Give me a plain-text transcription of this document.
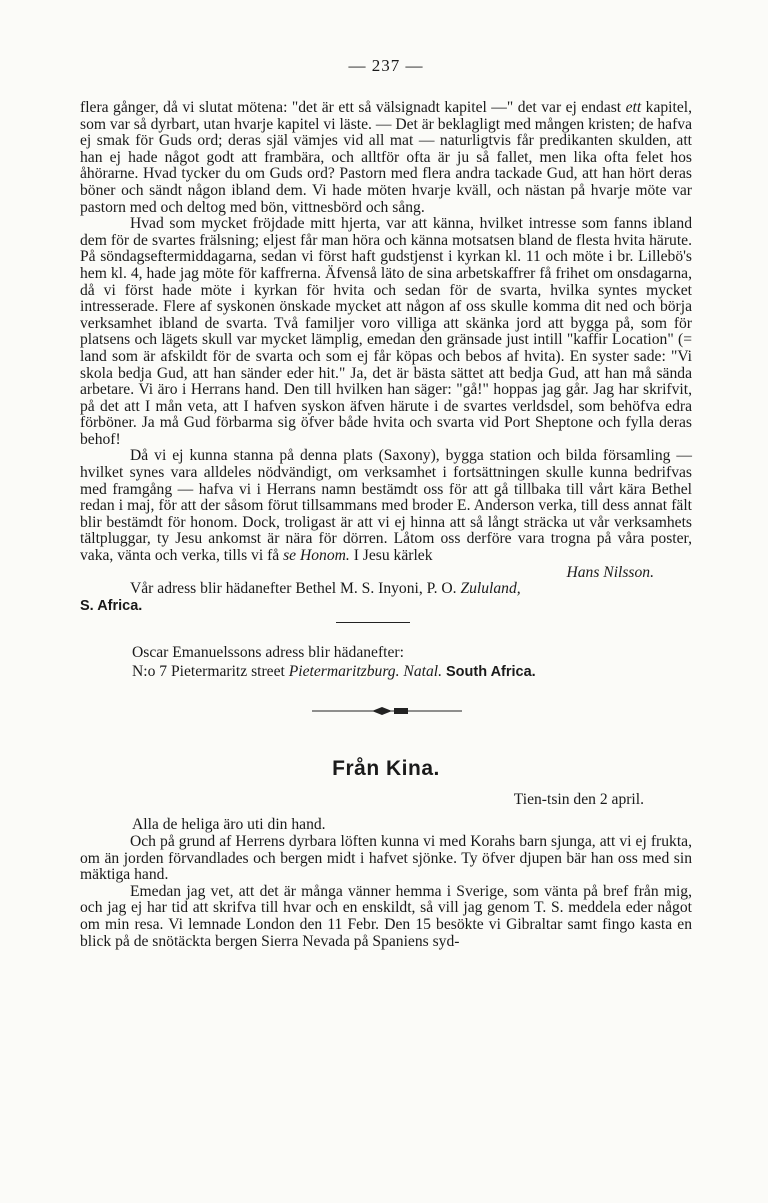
— 237 —

flera gånger, då vi slutat mötena: "det är ett så välsignadt kapitel —" det var ej endast ett kapitel, som var så dyrbart, utan hvarje kapitel vi läste. — Det är beklagligt med mången kristen; de hafva ej smak för Guds ord; deras själ vämjes vid all mat — naturligtvis får predikanten skulden, att han ej hade något godt att frambära, och alltför ofta är ju så fallet, men lika ofta felet hos åhörarne. Hvad tycker du om Guds ord? Pastorn med flera andra tackade Gud, att han hört deras böner och sändt någon ibland dem. Vi hade möten hvarje kväll, och nästan på hvarje möte var pastorn med och deltog med bön, vittnesbörd och sång.

Hvad som mycket fröjdade mitt hjerta, var att känna, hvilket intresse som fanns ibland dem för de svartes frälsning; eljest får man höra och känna motsatsen bland de flesta hvita härute. På söndagseftermiddagarna, sedan vi först haft gudstjenst i kyrkan kl. 11 och möte i br. Lillebö's hem kl. 4, hade jag möte för kaffrerna. Äfvenså läto de sina arbetskaffrer få frihet om onsdagarna, då vi först hade möte i kyrkan för hvita och sedan för de svarta, hvilka syntes mycket intresserade. Flere af syskonen önskade mycket att någon af oss skulle komma dit ned och börja verksamhet ibland de svarta. Två familjer voro villiga att skänka jord att bygga på, som för platsens och lägets skull var mycket lämplig, emedan den gränsade just intill "kaffir Location" (= land som är afskildt för de svarta och som ej får köpas och bebos af hvita). En syster sade: "Vi skola bedja Gud, att han sänder eder hit." Ja, det är bästa sättet att bedja Gud, att han må sända arbetare. Vi äro i Herrans hand. Den till hvilken han säger: "gå!" hoppas jag går. Jag har skrifvit, på det att I mån veta, att I hafven syskon äfven härute i de svartes verldsdel, som behöfva edra förböner. Ja må Gud förbarma sig öfver både hvita och svarta vid Port Sheptone och fylla deras behof!

Då vi ej kunna stanna på denna plats (Saxony), bygga station och bilda församling — hvilket synes vara alldeles nödvändigt, om verksamhet i fortsättningen skulle kunna bedrifvas med framgång — hafva vi i Herrans namn bestämdt oss för att gå tillbaka till vårt kära Bethel redan i maj, för att der såsom förut tillsammans med broder E. Anderson verka, till dess annat fält blir bestämdt för honom. Dock, troligast är att vi ej hinna att så långt sträcka ut vår verksamhets tältpluggar, ty Jesu ankomst är nära för dörren. Låtom oss derföre vara trogna på våra poster, vaka, vänta och verka, tills vi få se Honom. I Jesu kärlek

Hans Nilsson.

Vår adress blir hädanefter Bethel M. S. Inyoni, P. O. Zululand,

S. Africa.

Oscar Emanuelssons adress blir hädanefter:
N:o 7 Pietermaritz street Pietermaritzburg. Natal. South Africa.
Från Kina.
Tien-tsin den 2 april.
Alla de heliga äro uti din hand.

Och på grund af Herrens dyrbara löften kunna vi med Korahs barn sjunga, att vi ej frukta, om än jorden förvandlades och bergen midt i hafvet sjönke. Ty öfver djupen bär han oss med sin mäktiga hand.

Emedan jag vet, att det är många vänner hemma i Sverige, som vänta på bref från mig, och jag ej har tid att skrifva till hvar och en enskildt, så vill jag genom T. S. meddela eder något om min resa. Vi lemnade London den 11 Febr. Den 15 besökte vi Gibraltar samt fingo kasta en blick på de snötäckta bergen Sierra Nevada på Spaniens syd-
